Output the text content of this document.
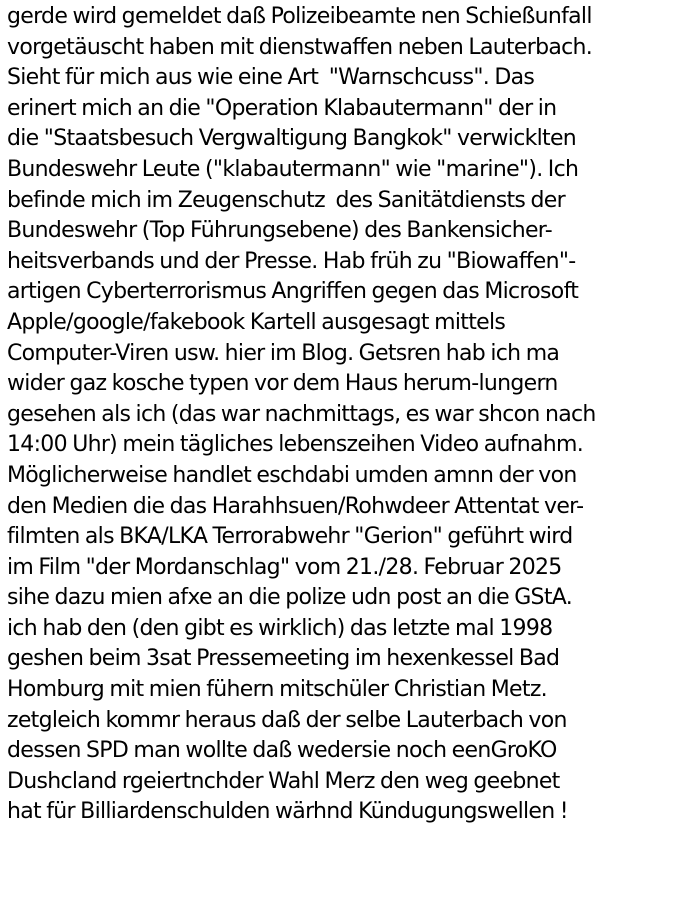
gerde wird gemeldet daß Polizeibeamte nen Schießunfall
vorgetäuscht haben mit dienstwaffen neben Lauterbach.
Sieht für mich aus wie eine Art  "Warnschcuss". Das
erinert mich an die "Operation Klabautermann" der in
die "Staatsbesuch Vergwaltigung Bangkok" verwicklten
Bundeswehr Leute ("klabautermann" wie "marine"). Ich
befinde mich im Zeugenschutz  des Sanitätdiensts der
Bundeswehr (Top Führungsebene) des Bankensicher-
heitsverbands und der Presse. Hab früh zu "Biowaffen"-
artigen Cyberterrorismus Angriffen gegen das Microsoft
Apple/google/fakebook Kartell ausgesagt mittels
Computer-Viren usw. hier im Blog. Getsren hab ich ma
wider gaz kosche typen vor dem Haus herum-lungern
gesehen als ich (das war nachmittags, es war shcon nach
14:00 Uhr) mein tägliches lebenszeihen Video aufnahm.
Möglicherweise handlet eschdabi umden amnn der von
den Medien die das Harahhsuen/Rohwdeer Attentat ver-
filmten als BKA/LKA Terrorabwehr "Gerion" geführt wird
im Film "der Mordanschlag" vom 21./28. Februar 2025
sihe dazu mien afxe an die polize udn post an die GStA.
ich hab den (den gibt es wirklich) das letzte mal 1998
geshen beim 3sat Pressemeeting im hexenkessel Bad
Homburg mit mien fühern mitschüler Christian Metz.
zetgleich kommr heraus daß der selbe Lauterbach von
dessen SPD man wollte daß wedersie noch eenGroKO
Dushcland rgeiertnchder Wahl Merz den weg geebnet
hat für Billiardenschulden wärhnd Kündugungswellen !
